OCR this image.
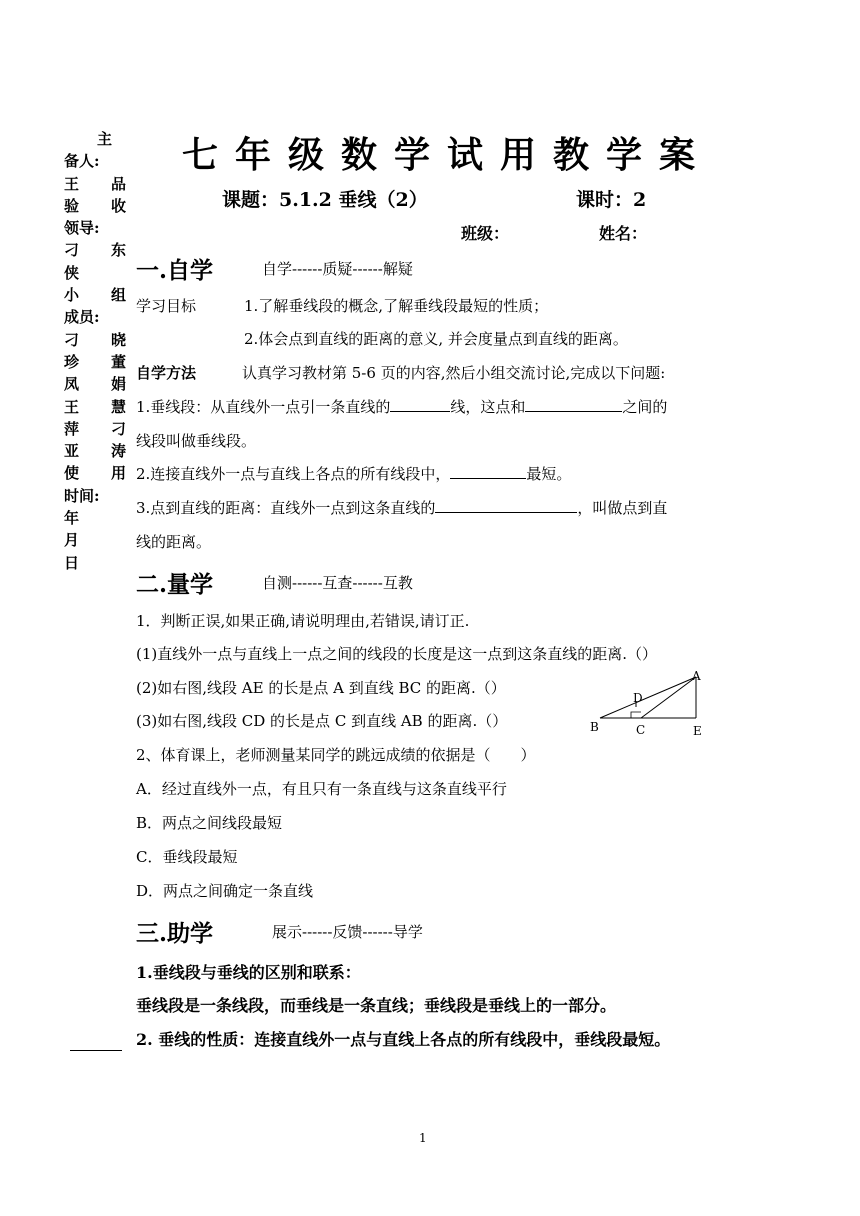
主
备人:
王 品
验 收
领导:
刁 东
侠
小 组
成员:
刁 晓
珍 董
凤 娟
王 慧
萍 刁
亚 涛
使 用
时间:
年
月
日
七年级数学试用教学案
课题：5.1.2 垂线（2）	课时：2
班级：	姓名：
一.自学	自学------质疑------解疑
学习目标	1.了解垂线段的概念,了解垂线段最短的性质；
2.体会点到直线的距离的意义, 并会度量点到直线的距离。
自学方法	认真学习教材第 5-6 页的内容,然后小组交流讨论,完成以下问题:
1.垂线段：从直线外一点引一条直线的	线，这点和	之间的
线段叫做垂线段。
2.连接直线外一点与直线上各点的所有线段中，	最短。
3.点到直线的距离：直线外一点到这条直线的	，叫做点到直
线的距离。
二.量学	自测------互查------互教
1．判断正误,如果正确,请说明理由,若错误,请订正.
(1)直线外一点与直线上一点之间的线段的长度是这一点到这条直线的距离.（）
(2)如右图,线段 AE 的长是点 A 到直线 BC 的距离.（）
(3)如右图,线段 CD 的长是点 C 到直线 AB 的距离.（）
A
B	C
D
E
2、体育课上，老师测量某同学的跳远成绩的依据是（　　）
A．经过直线外一点，有且只有一条直线与这条直线平行
B．两点之间线段最短
C．垂线段最短
D．两点之间确定一条直线
三.助学	展示------反馈------导学
1.垂线段与垂线的区别和联系：
垂线段是一条线段，而垂线是一条直线；垂线段是垂线上的一部分。
2. 垂线的性质：连接直线外一点与直线上各点的所有线段中，垂线段最短。
1
